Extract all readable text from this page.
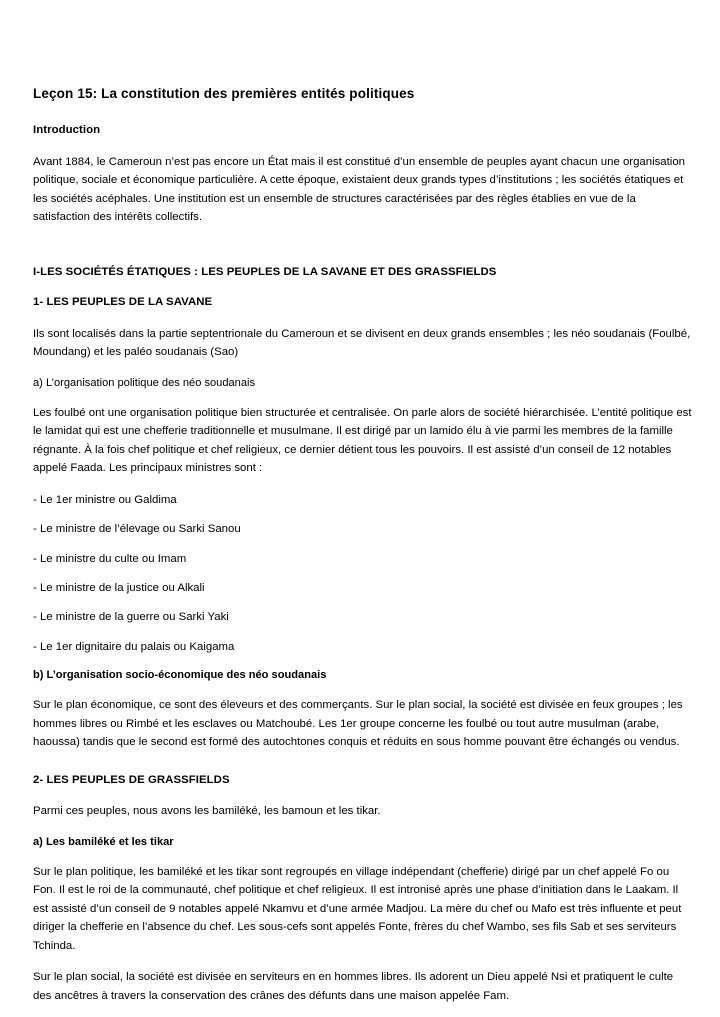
Leçon 15: La constitution des premières entités politiques

Introduction

Avant 1884, le Cameroun n’est pas encore un État mais il est constitué d’un ensemble de peuples ayant chacun une organisation politique, sociale et économique particulière. A cette époque, existaient deux grands types d’institutions ; les sociétés étatiques et les sociétés acéphales. Une institution est un ensemble de structures caractérisées par des règles établies en vue de la satisfaction des intérêts collectifs.

I-LES SOCIÉTÉS ÉTATIQUES : LES PEUPLES DE LA SAVANE ET DES GRASSFIELDS

1- LES PEUPLES DE LA SAVANE

Ils sont localisés dans la partie septentrionale du Cameroun et se divisent en deux grands ensembles ; les néo soudanais (Foulbé, Moundang) et les paléo soudanais (Sao)

a) L’organisation politique des néo soudanais

Les foulbé ont une organisation politique bien structurée et centralisée. On parle alors de société hiérarchisée. L’entité politique est le lamidat qui est une chefferie traditionnelle et musulmane. Il est dirigé par un lamido élu à vie parmi les membres de la famille régnante. À la fois chef politique et chef religieux, ce dernier détient tous les pouvoirs. Il est assisté d’un conseil de 12 notables appelé Faada. Les principaux ministres sont :

- Le 1er ministre ou Galdima

- Le ministre de l’élevage ou Sarki Sanou

- Le ministre du culte ou Imam

- Le ministre de la justice ou Alkali

- Le ministre de la guerre ou Sarki Yaki

- Le 1er dignitaire du palais ou Kaigama

b) L’organisation socio-économique des néo soudanais

Sur le plan économique, ce sont des éleveurs et des commerçants. Sur le plan social, la société est divisée en feux groupes ; les hommes libres ou Rimbé et les esclaves ou Matchoubé. Les 1er groupe concerne les foulbé ou tout autre musulman (arabe, haoussa) tandis que le second est formé des autochtones conquis et réduits en sous homme pouvant être échangés ou vendus.

2- LES PEUPLES DE GRASSFIELDS

Parmi ces peuples, nous avons les bamiléké, les bamoun et les tikar.

a) Les bamiléké et les tikar

Sur le plan politique, les bamiléké et les tikar sont regroupés en village indépendant (chefferie) dirigé par un chef appelé Fo ou Fon. Il est le roi de la communauté, chef politique et chef religieux. Il est intronisé après une phase d’initiation dans le Laakam. Il est assisté d’un conseil de 9 notables appelé Nkamvu et d’une armée Madjou. La mère du chef ou Mafo est très influente et peut diriger la chefferie en l’absence du chef. Les sous-cefs sont appelés Fonte, frères du chef Wambo, ses fils Sab et ses serviteurs Tchinda.

Sur le plan social, la société est divisée en serviteurs en en hommes libres. Ils adorent un Dieu appelé Nsi et pratiquent le culte des ancêtres à travers la conservation des crânes des défunts dans une maison appelée Fam.
